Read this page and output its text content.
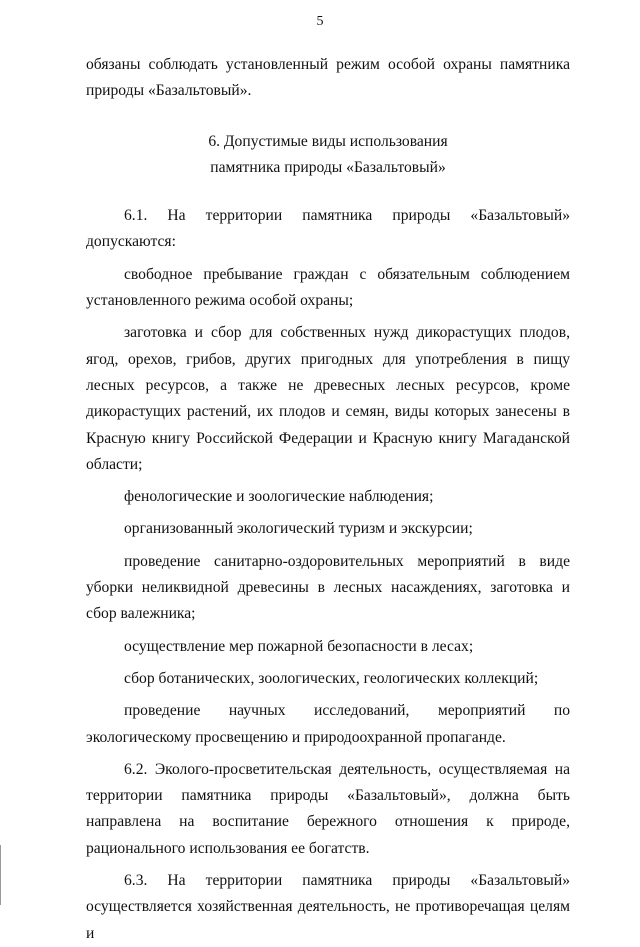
5

обязаны соблюдать установленный режим особой охраны памятника природы «Базальтовый».

6. Допустимые виды использования
памятника природы «Базальтовый»

6.1. На территории памятника природы «Базальтовый» допускаются:

свободное пребывание граждан с обязательным соблюдением установленного режима особой охраны;

заготовка и сбор для собственных нужд дикорастущих плодов, ягод, орехов, грибов, других пригодных для употребления в пищу лесных ресурсов, а также не древесных лесных ресурсов, кроме дикорастущих растений, их плодов и семян, виды которых занесены в Красную книгу Российской Федерации и Красную книгу Магаданской области;

фенологические и зоологические наблюдения;

организованный экологический туризм и экскурсии;

проведение санитарно-оздоровительных мероприятий в виде уборки неликвидной древесины в лесных насаждениях, заготовка и сбор валежника;

осуществление мер пожарной безопасности в лесах;

сбор ботанических, зоологических, геологических коллекций;

проведение научных исследований, мероприятий по экологическому просвещению и природоохранной пропаганде.

6.2. Эколого-просветительская деятельность, осуществляемая на территории памятника природы «Базальтовый», должна быть направлена на воспитание бережного отношения к природе, рационального использования ее богатств.

6.3. На территории памятника природы «Базальтовый» осуществляется хозяйственная деятельность, не противоречащая целям и
